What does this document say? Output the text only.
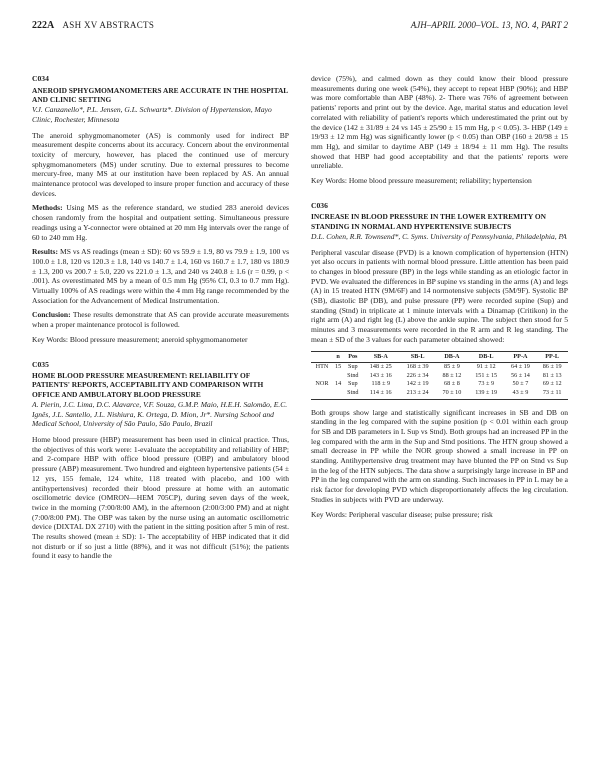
222A ASH XV ABSTRACTS	AJH–APRIL 2000–VOL. 13, NO. 4, PART 2
C034
ANEROID SPHYGMOMANOMETERS ARE ACCURATE IN THE HOSPITAL AND CLINIC SETTING
V.J. Canzanello*, P.L. Jensen, G.L. Schwartz*. Division of Hypertension, Mayo Clinic, Rochester, Minnesota

The aneroid sphygmomanometer (AS) is commonly used for indirect BP measurement despite concerns about its accuracy. Concern about the environmental toxicity of mercury, however, has placed the continued use of mercury sphygmomanometers (MS) under scrutiny. Due to external pressures to become mercury-free, many MS at our institution have been replaced by AS. An annual maintenance protocol was developed to insure proper function and accuracy of these devices.

Methods: Using MS as the reference standard, we studied 283 aneroid devices chosen randomly from the hospital and outpatient setting. Simultaneous pressure readings using a Y-connector were obtained at 20 mm Hg intervals over the range of 60 to 240 mm Hg.

Results: MS vs AS readings (mean ± SD): 60 vs 59.9 ± 1.9, 80 vs 79.9 ± 1.9, 100 vs 100.0 ± 1.8, 120 vs 120.3 ± 1.8, 140 vs 140.7 ± 1.4, 160 vs 160.7 ± 1.7, 180 vs 180.9 ± 1.3, 200 vs 200.7 ± 5.0, 220 vs 221.0 ± 1.3, and 240 vs 240.8 ± 1.6 (r = 0.99, p < .001). As overestimated MS by a mean of 0.5 mm Hg (95% CI, 0.3 to 0.7 mm Hg). Virtually 100% of AS readings were within the 4 mm Hg range recommended by the Association for the Advancement of Medical Instrumentation.

Conclusion: These results demonstrate that AS can provide accurate measurements when a proper maintenance protocol is followed.

Key Words: Blood pressure measurement; aneroid sphygmomanometer
C035
HOME BLOOD PRESSURE MEASUREMENT: RELIABILITY OF PATIENTS' REPORTS, ACCEPTABILITY AND COMPARISON WITH OFFICE AND AMBULATORY BLOOD PRESSURE
A. Pierin, J.C. Lima, D.C. Alavarce, V.F. Souza, G.M.P. Maio, H.E.H. Salomão, E.C. Ignês, J.L. Santello, J.L. Nishiura, K. Ortega, D. Mion, Jr*. Nursing School and Medical School, University of São Paulo, São Paulo, Brazil

Home blood pressure (HBP) measurement has been used in clinical practice. Thus, the objectives of this work were: 1-evaluate the acceptability and reliability of HBP; and 2-compare HBP with office blood pressure (OBP) and ambulatory blood pressure (ABP) measurement. Two hundred and eighteen hypertensive patients (54 ± 12 yrs, 155 female, 124 white, 118 treated with placebo, and 100 with antihypertensives) recorded their blood pressure at home with an automatic oscillometric device (OMRON—HEM 705CP), during seven days of the week, twice in the morning (7:00/8:00 AM), in the afternoon (2:00/3:00 PM) and at night (7:00/8:00 PM). The OBP was taken by the nurse using an automatic oscillometric device (DIXTAL DX 2710) with the patient in the sitting position after 5 min of rest. The results showed (mean ± SD): 1- The acceptability of HBP indicated that it did not disturb or if so just a little (88%), and it was not difficult (51%); the patients found it easy to handle the

device (75%), and calmed down as they could know their blood pressure measurements during one week (54%), they accept to repeat HBP (90%); and HBP was more comfortable than ABP (48%). 2- There was 76% of agreement between patients' reports and print out by the device. Age, marital status and education level correlated with reliability of patient's reports which underestimated the print out by the device (142 ± 31/89 ± 24 vs 145 ± 25/90 ± 15 mm Hg, p < 0.05). 3- HBP (149 ± 19/93 ± 12 mm Hg) was significantly lower (p < 0.05) than OBP (160 ± 20/98 ± 15 mm Hg), and similar to daytime ABP (149 ± 18/94 ± 11 mm Hg). The results showed that HBP had good acceptability and that the patients' reports were unreliable.

Key Words: Home blood pressure measurement; reliability; hypertension
C036
INCREASE IN BLOOD PRESSURE IN THE LOWER EXTREMITY ON STANDING IN NORMAL AND HYPERTENSIVE SUBJECTS
D.L. Cohen, R.R. Townsend*, C. Syms. University of Pennsylvania, Philadelphia, PA

Peripheral vascular disease (PVD) is a known complication of hypertension (HTN) yet also occurs in patients with normal blood pressure. Little attention has been paid to changes in blood pressure (BP) in the legs while standing as an etiologic factor in PVD. We evaluated the differences in BP supine vs standing in the arms (A) and legs (A) in 15 treated HTN (9M/6F) and 14 normotensive subjects (5M/9F). Systolic BP (SB), diastolic BP (DB), and pulse pressure (PP) were recorded supine (Sup) and standing (Stnd) in triplicate at 1 minute intervals with a Dinamap (Critikon) in the right arm (A) and right leg (L) above the ankle supine. The subject then stood for 5 minutes and 3 measurements were recorded in the R arm and R leg standing. The mean ± SD of the 3 values for each parameter obtained showed:

	n	Pos	SB-A	SB-L	DB-A	DB-L	PP-A	PP-L
HTN	15	Sup	148 ± 25	168 ± 39	85 ± 9	91 ± 12	64 ± 19	86 ± 19
		Stnd	143 ± 16	226 ± 34	88 ± 12	151 ± 15	56 ± 14	81 ± 13
NOR	14	Sup	118 ± 9	142 ± 19	68 ± 8	73 ± 9	50 ± 7	69 ± 12
		Stnd	114 ± 16	213 ± 24	70 ± 10	139 ± 19	43 ± 9	73 ± 11

Both groups show large and statistically significant increases in SB and DB on standing in the leg compared with the supine position (p < 0.01 within each group for SB and DB parameters in L Sup vs Stnd). Both groups had an increased PP in the leg compared with the arm in the Sup and Stnd positions. The HTN group showed a small decrease in PP while the NOR group showed a small increase in PP on standing. Antihypertensive drug treatment may have blunted the PP on Stnd vs Sup in the leg of the HTN subjects. The data show a surprisingly large increase in BP and PP in the leg compared with the arm on standing. Such increases in PP in L may be a risk factor for developing PVD which disproportionately affects the leg circulation. Studies in subjects with PVD are underway.

Key Words: Peripheral vascular disease; pulse pressure; risk
